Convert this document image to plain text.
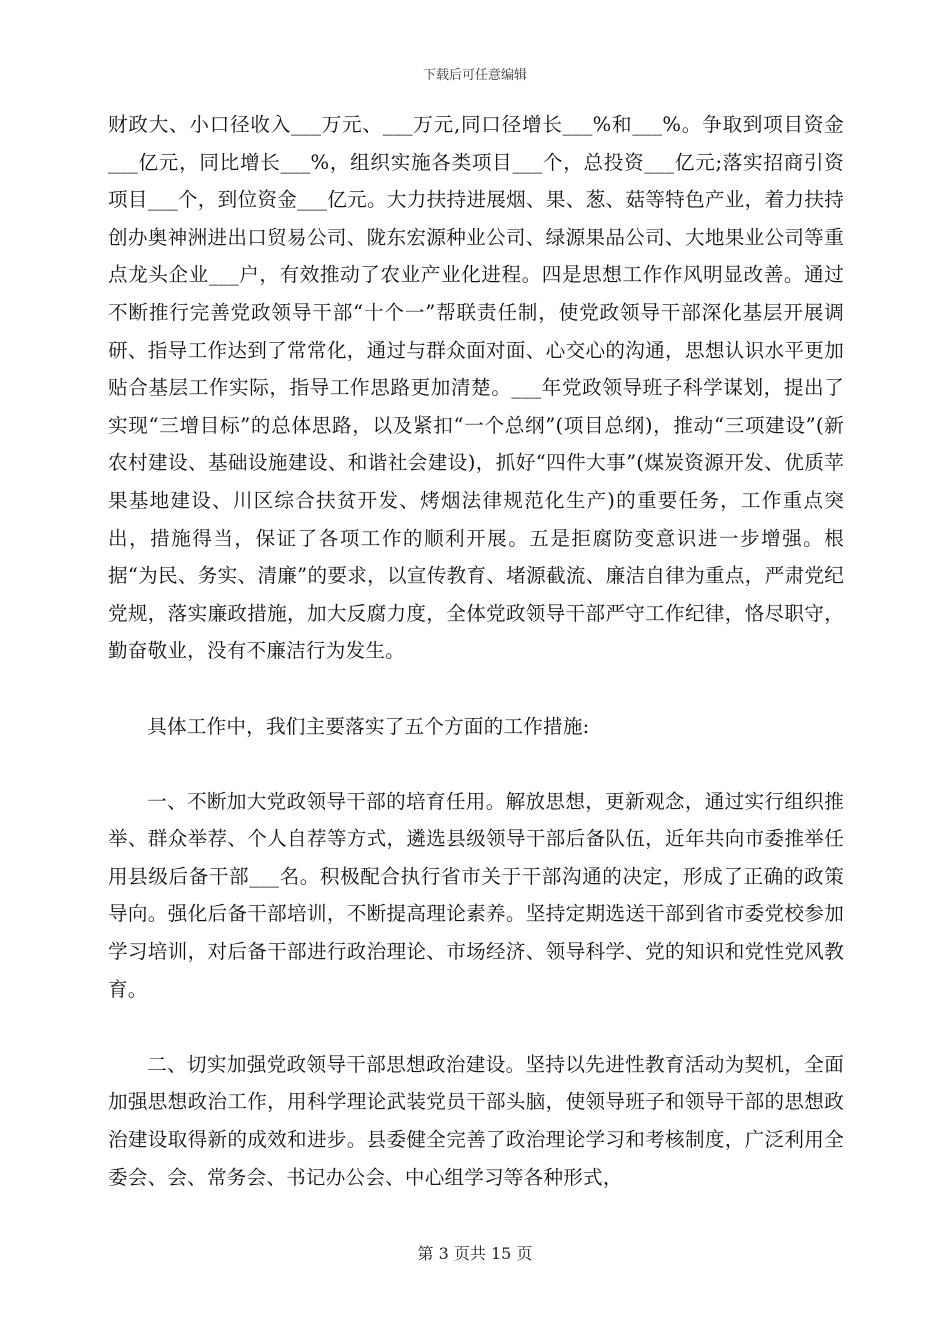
下载后可任意编辑

财政大、小口径收入___万元、___万元,同口径增长___%和___%。争取到项目资金___亿元，同比增长___%，组织实施各类项目___个，总投资___亿元;落实招商引资项目___个，到位资金___亿元。大力扶持进展烟、果、葱、菇等特色产业，着力扶持创办奥神洲进出口贸易公司、陇东宏源种业公司、绿源果品公司、大地果业公司等重点龙头企业___户，有效推动了农业产业化进程。四是思想工作作风明显改善。通过不断推行完善党政领导干部“十个一”帮联责任制，使党政领导干部深化基层开展调研、指导工作达到了常常化，通过与群众面对面、心交心的沟通，思想认识水平更加贴合基层工作实际，指导工作思路更加清楚。___年党政领导班子科学谋划，提出了实现“三增目标”的总体思路，以及紧扣“一个总纲”(项目总纲)，推动“三项建设”(新农村建设、基础设施建设、和谐社会建设)，抓好“四件大事”(煤炭资源开发、优质苹果基地建设、川区综合扶贫开发、烤烟法律规范化生产)的重要任务，工作重点突出，措施得当，保证了各项工作的顺利开展。五是拒腐防变意识进一步增强。根据“为民、务实、清廉”的要求，以宣传教育、堵源截流、廉洁自律为重点，严肃党纪党规，落实廉政措施，加大反腐力度，全体党政领导干部严守工作纪律，恪尽职守，勤奋敬业，没有不廉洁行为发生。

具体工作中，我们主要落实了五个方面的工作措施:

一、不断加大党政领导干部的培育任用。解放思想，更新观念，通过实行组织推举、群众举荐、个人自荐等方式，遴选县级领导干部后备队伍，近年共向市委推举任用县级后备干部___名。积极配合执行省市关于干部沟通的决定，形成了正确的政策导向。强化后备干部培训，不断提高理论素养。坚持定期选送干部到省市委党校参加学习培训，对后备干部进行政治理论、市场经济、领导科学、党的知识和党性党风教育。

二、切实加强党政领导干部思想政治建设。坚持以先进性教育活动为契机，全面加强思想政治工作，用科学理论武装党员干部头脑，使领导班子和领导干部的思想政治建设取得新的成效和进步。县委健全完善了政治理论学习和考核制度，广泛利用全委会、会、常务会、书记办公会、中心组学习等各种形式，

第 3 页共 15 页
